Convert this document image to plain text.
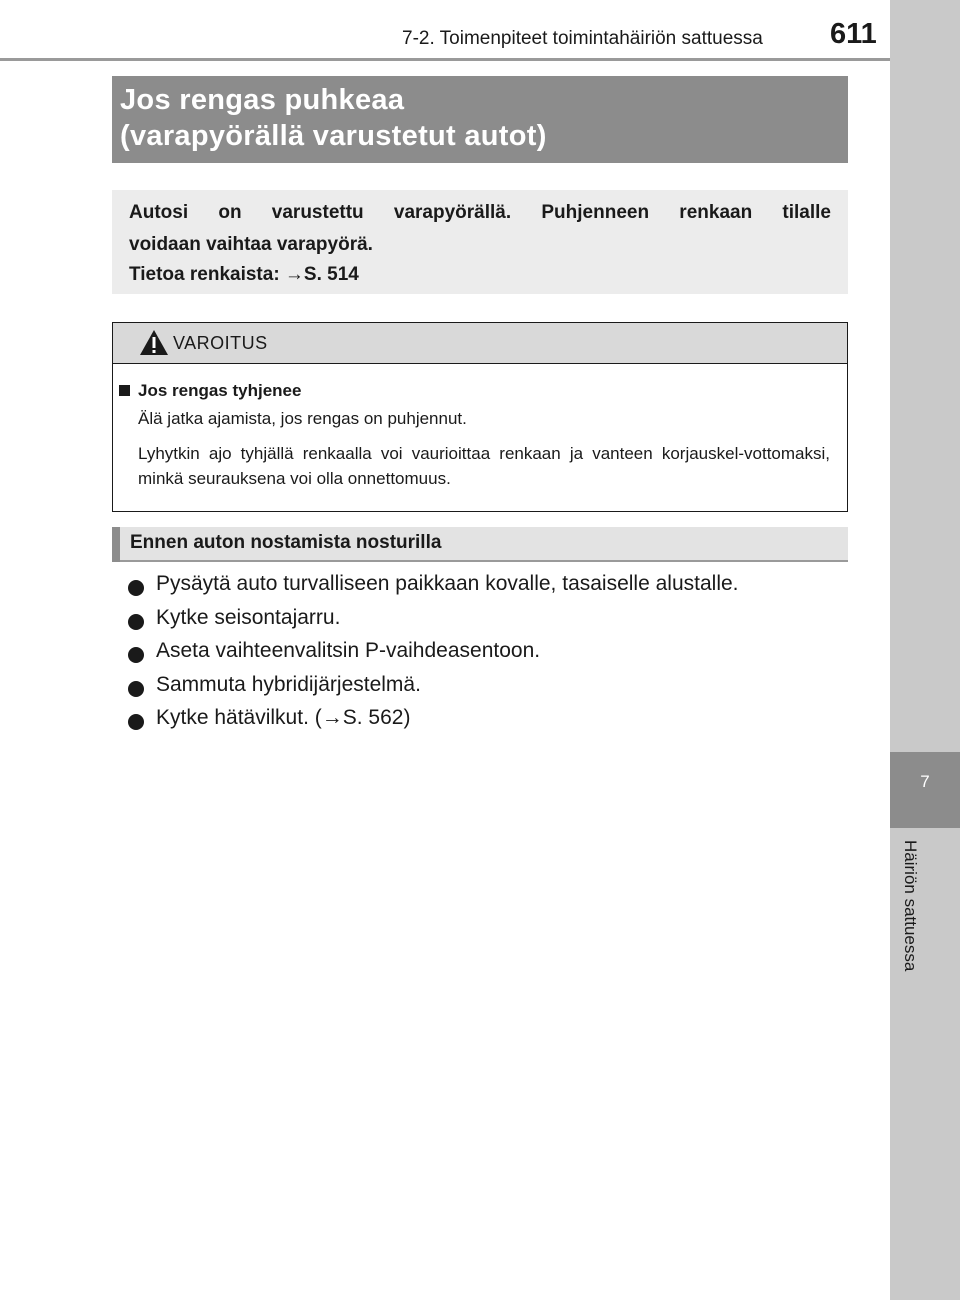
7-2. Toimenpiteet toimintahäiriön sattuessa 611
7
Häiriön sattuessa
Jos rengas puhkeaa
(varapyörällä varustetut autot)
Autosi on varustettu varapyörällä. Puhjenneen renkaan tilalle
voidaan vaihtaa varapyörä.
Tietoa renkaista: →S. 514
VAROITUS
Jos rengas tyhjenee
Älä jatka ajamista, jos rengas on puhjennut.
Lyhytkin ajo tyhjällä renkaalla voi vaurioittaa renkaan ja vanteen korjauskel-vottomaksi, minkä seurauksena voi olla onnettomuus.
Ennen auton nostamista nosturilla
Pysäytä auto turvalliseen paikkaan kovalle, tasaiselle alustalle.
Kytke seisontajarru.
Aseta vaihteenvalitsin P-vaihdeasentoon.
Sammuta hybridijärjestelmä.
Kytke hätävilkut. (→S. 562)
